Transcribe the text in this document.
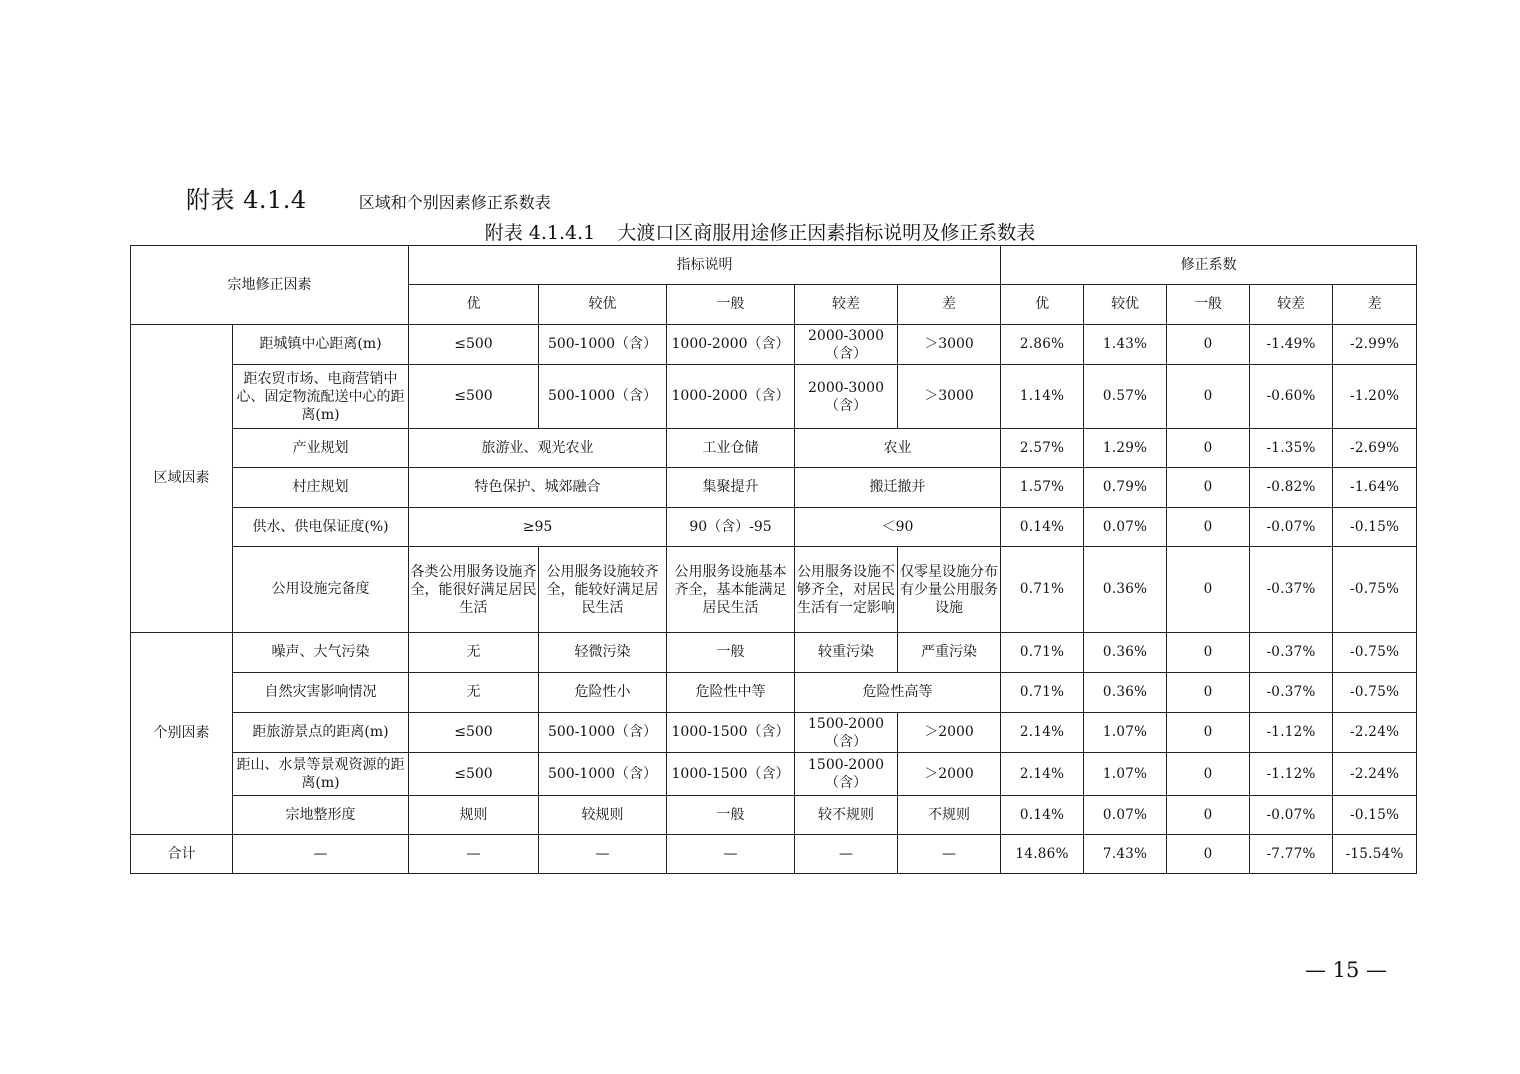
附表 4.1.4	区域和个别因素修正系数表
附表 4.1.4.1 大渡口区商服用途修正因素指标说明及修正系数表
宗地修正因素		指标说明					修正系数				
		优	较优	一般	较差	差	优	较优	一般	较差	差
区域因素	距城镇中心距离(m)	≤500	500-1000（含）	1000-2000（含）	2000-3000（含）	＞3000	2.86%	1.43%	0	-1.49%	-2.99%
	距农贸市场、电商营销中心、固定物流配送中心的距离(m)	≤500	500-1000（含）	1000-2000（含）	2000-3000（含）	＞3000	1.14%	0.57%	0	-0.60%	-1.20%
	产业规划	旅游业、观光农业		工业仓储	农业		2.57%	1.29%	0	-1.35%	-2.69%
	村庄规划	特色保护、城郊融合		集聚提升	搬迁撤并		1.57%	0.79%	0	-0.82%	-1.64%
	供水、供电保证度(%)	≥95		90（含）-95	＜90		0.14%	0.07%	0	-0.07%	-0.15%
	公用设施完备度	各类公用服务设施齐全，能很好满足居民生活	公用服务设施较齐全，能较好满足居民生活	公用服务设施基本齐全，基本能满足居民生活	公用服务设施不够齐全，对居民生活有一定影响	仅零星设施分布有少量公用服务设施	0.71%	0.36%	0	-0.37%	-0.75%
个别因素	噪声、大气污染	无	轻微污染	一般	较重污染	严重污染	0.71%	0.36%	0	-0.37%	-0.75%
	自然灾害影响情况	无	危险性小	危险性中等	危险性高等		0.71%	0.36%	0	-0.37%	-0.75%
	距旅游景点的距离(m)	≤500	500-1000（含）	1000-1500（含）	1500-2000（含）	＞2000	2.14%	1.07%	0	-1.12%	-2.24%
	距山、水景等景观资源的距离(m)	≤500	500-1000（含）	1000-1500（含）	1500-2000（含）	＞2000	2.14%	1.07%	0	-1.12%	-2.24%
	宗地整形度	规则	较规则	一般	较不规则	不规则	0.14%	0.07%	0	-0.07%	-0.15%
合计	—	—	—	—	—	—	14.86%	7.43%	0	-7.77%	-15.54%
— 15 —
